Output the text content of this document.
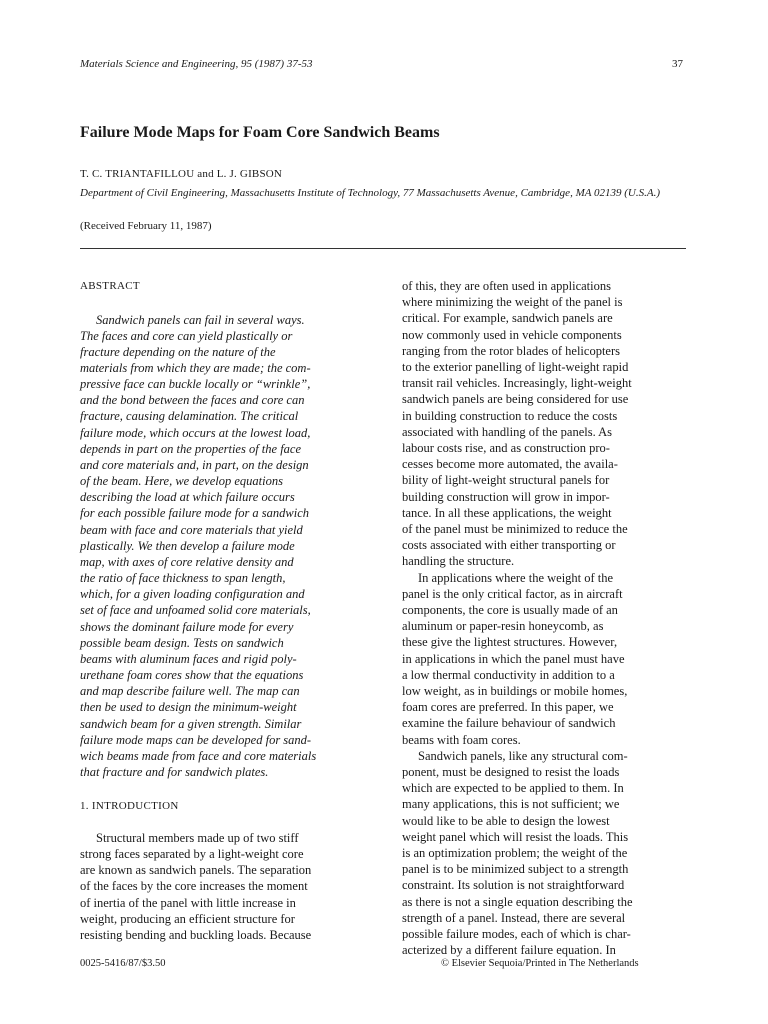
Materials Science and Engineering, 95 (1987) 37-53	37
Failure Mode Maps for Foam Core Sandwich Beams
T. C. TRIANTAFILLOU and L. J. GIBSON
Department of Civil Engineering, Massachusetts Institute of Technology, 77 Massachusetts Avenue, Cambridge, MA 02139 (U.S.A.)
(Received February 11, 1987)
ABSTRACT
Sandwich panels can fail in several ways.
The faces and core can yield plastically or
fracture depending on the nature of the
materials from which they are made; the com-
pressive face can buckle locally or “wrinkle”,
and the bond between the faces and core can
fracture, causing delamination. The critical
failure mode, which occurs at the lowest load,
depends in part on the properties of the face
and core materials and, in part, on the design
of the beam. Here, we develop equations
describing the load at which failure occurs
for each possible failure mode for a sandwich
beam with face and core materials that yield
plastically. We then develop a failure mode
map, with axes of core relative density and
the ratio of face thickness to span length,
which, for a given loading configuration and
set of face and unfoamed solid core materials,
shows the dominant failure mode for every
possible beam design. Tests on sandwich
beams with aluminum faces and rigid poly-
urethane foam cores show that the equations
and map describe failure well. The map can
then be used to design the minimum-weight
sandwich beam for a given strength. Similar
failure mode maps can be developed for sand-
wich beams made from face and core materials
that fracture and for sandwich plates.
1. INTRODUCTION
Structural members made up of two stiff
strong faces separated by a light-weight core
are known as sandwich panels. The separation
of the faces by the core increases the moment
of inertia of the panel with little increase in
weight, producing an efficient structure for
resisting bending and buckling loads. Because
of this, they are often used in applications
where minimizing the weight of the panel is
critical. For example, sandwich panels are
now commonly used in vehicle components
ranging from the rotor blades of helicopters
to the exterior panelling of light-weight rapid
transit rail vehicles. Increasingly, light-weight
sandwich panels are being considered for use
in building construction to reduce the costs
associated with handling of the panels. As
labour costs rise, and as construction pro-
cesses become more automated, the availa-
bility of light-weight structural panels for
building construction will grow in impor-
tance. In all these applications, the weight
of the panel must be minimized to reduce the
costs associated with either transporting or
handling the structure.
In applications where the weight of the
panel is the only critical factor, as in aircraft
components, the core is usually made of an
aluminum or paper-resin honeycomb, as
these give the lightest structures. However,
in applications in which the panel must have
a low thermal conductivity in addition to a
low weight, as in buildings or mobile homes,
foam cores are preferred. In this paper, we
examine the failure behaviour of sandwich
beams with foam cores.
Sandwich panels, like any structural com-
ponent, must be designed to resist the loads
which are expected to be applied to them. In
many applications, this is not sufficient; we
would like to be able to design the lowest
weight panel which will resist the loads. This
is an optimization problem; the weight of the
panel is to be minimized subject to a strength
constraint. Its solution is not straightforward
as there is not a single equation describing the
strength of a panel. Instead, there are several
possible failure modes, each of which is char-
acterized by a different failure equation. In
0025-5416/87/$3.50	© Elsevier Sequoia/Printed in The Netherlands
